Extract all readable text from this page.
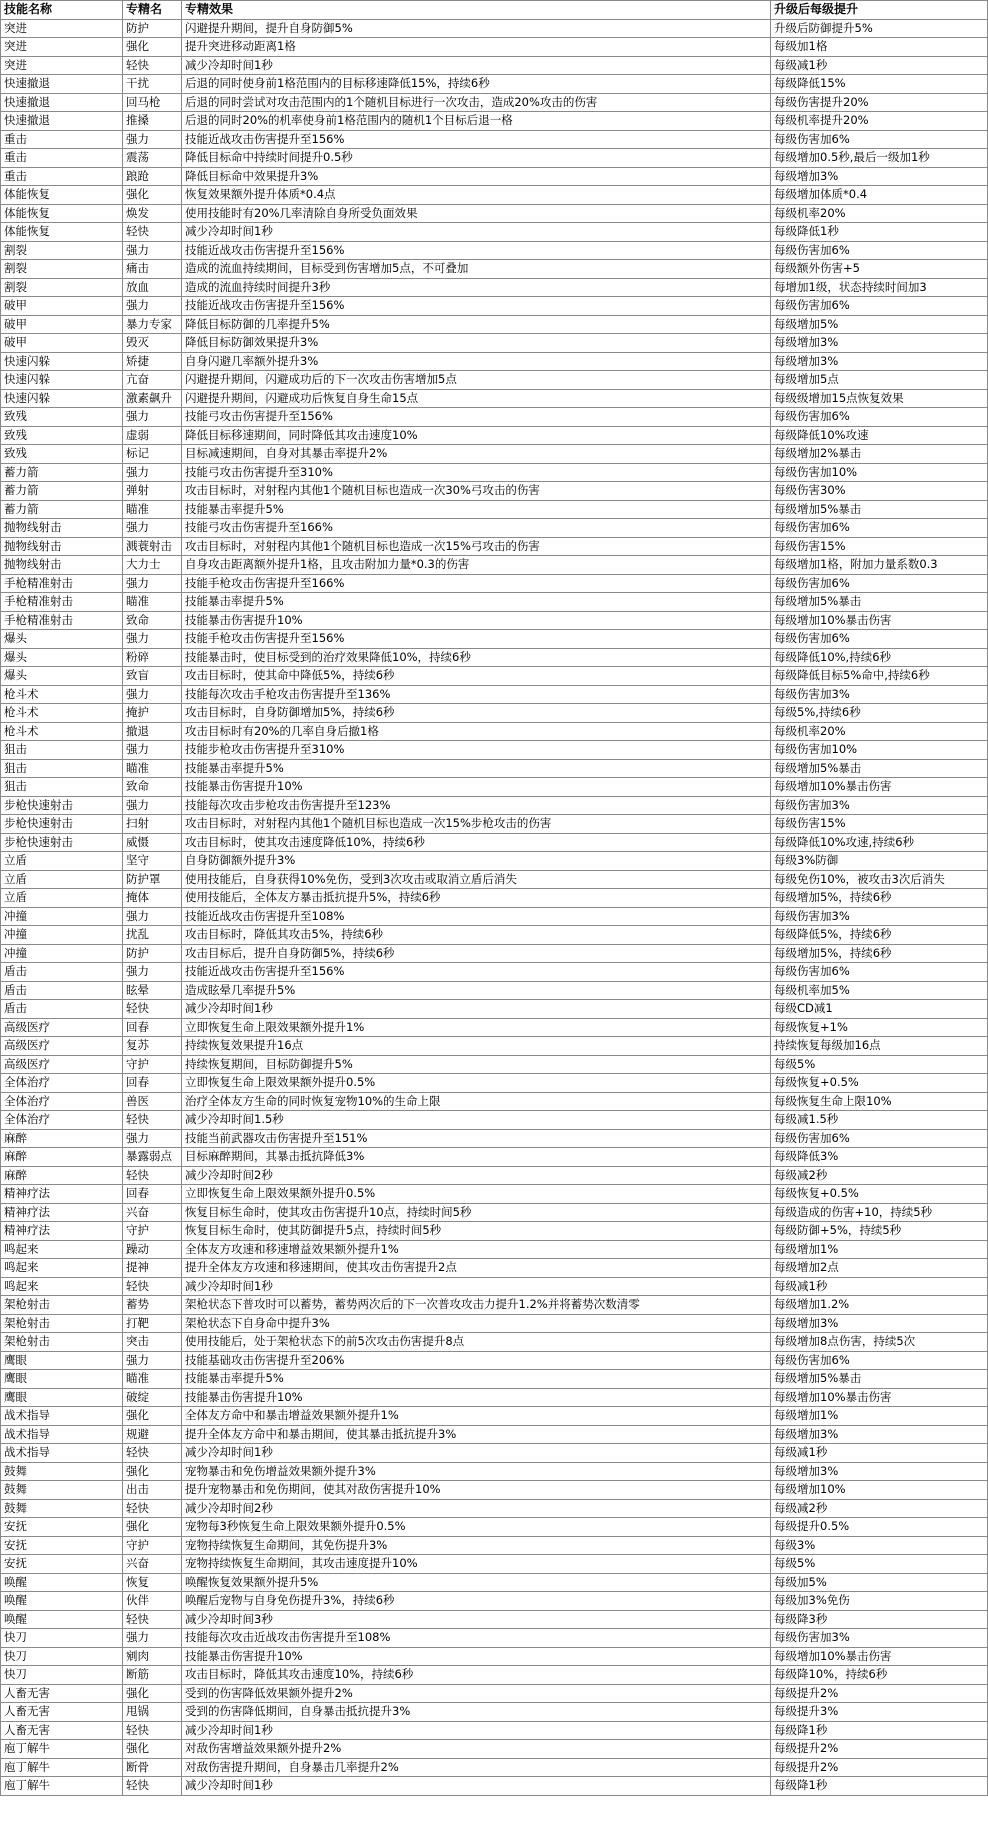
技能名称	专精名	专精效果	升级后每级提升
突进	防护	闪避提升期间，提升自身防御5%	升级后防御提升5%
突进	强化	提升突进移动距离1格	每级加1格
突进	轻快	减少冷却时间1秒	每级减1秒
快速撤退	干扰	后退的同时使身前1格范围内的目标移速降低15%，持续6秒	每级降低15%
快速撤退	回马枪	后退的同时尝试对攻击范围内的1个随机目标进行一次攻击，造成20%攻击的伤害	每级伤害提升20%
快速撤退	推搡	后退的同时20%的机率使身前1格范围内的随机1个目标后退一格	每级机率提升20%
重击	强力	技能近战攻击伤害提升至156%	每级伤害加6%
重击	震荡	降低目标命中持续时间提升0.5秒	每级增加0.5秒,最后一级加1秒
重击	踉跄	降低目标命中效果提升3%	每级增加3%
体能恢复	强化	恢复效果额外提升体质*0.4点	每级增加体质*0.4
体能恢复	焕发	使用技能时有20%几率清除自身所受负面效果	每级机率20%
体能恢复	轻快	减少冷却时间1秒	每级降低1秒
割裂	强力	技能近战攻击伤害提升至156%	每级伤害加6%
割裂	痛击	造成的流血持续期间，目标受到伤害增加5点，不可叠加	每级额外伤害+5
割裂	放血	造成的流血持续时间提升3秒	每增加1级，状态持续时间加3
破甲	强力	技能近战攻击伤害提升至156%	每级伤害加6%
破甲	暴力专家	降低目标防御的几率提升5%	每级增加5%
破甲	毁灭	降低目标防御效果提升3%	每级增加3%
快速闪躲	矫捷	自身闪避几率额外提升3%	每级增加3%
快速闪躲	亢奋	闪避提升期间，闪避成功后的下一次攻击伤害增加5点	每级增加5点
快速闪躲	激素飙升	闪避提升期间，闪避成功后恢复自身生命15点	每级级增加15点恢复效果
致残	强力	技能弓攻击伤害提升至156%	每级伤害加6%
致残	虚弱	降低目标移速期间，同时降低其攻击速度10%	每级降低10%攻速
致残	标记	目标减速期间，自身对其暴击率提升2%	每级增加2%暴击
蓄力箭	强力	技能弓攻击伤害提升至310%	每级伤害加10%
蓄力箭	弹射	攻击目标时，对射程内其他1个随机目标也造成一次30%弓攻击的伤害	每级伤害30%
蓄力箭	瞄准	技能暴击率提升5%	每级增加5%暴击
抛物线射击	强力	技能弓攻击伤害提升至166%	每级伤害加6%
抛物线射击	溅蓑射击	攻击目标时，对射程内其他1个随机目标也造成一次15%弓攻击的伤害	每级伤害15%
抛物线射击	大力士	自身攻击距离额外提升1格，且攻击附加力量*0.3的伤害	每级增加1格，附加力量系数0.3
手枪精准射击	强力	技能手枪攻击伤害提升至166%	每级伤害加6%
手枪精准射击	瞄准	技能暴击率提升5%	每级增加5%暴击
手枪精准射击	致命	技能暴击伤害提升10%	每级增加10%暴击伤害
爆头	强力	技能手枪攻击伤害提升至156%	每级伤害加6%
爆头	粉碎	技能暴击时，使目标受到的治疗效果降低10%，持续6秒	每级降低10%,持续6秒
爆头	致盲	攻击目标时，使其命中降低5%，持续6秒	每级降低目标5%命中,持续6秒
枪斗术	强力	技能每次攻击手枪攻击伤害提升至136%	每级伤害加3%
枪斗术	掩护	攻击目标时，自身防御增加5%，持续6秒	每级5%,持续6秒
枪斗术	撤退	攻击目标时有20%的几率自身后撤1格	每级机率20%
狙击	强力	技能步枪攻击伤害提升至310%	每级伤害加10%
狙击	瞄准	技能暴击率提升5%	每级增加5%暴击
狙击	致命	技能暴击伤害提升10%	每级增加10%暴击伤害
步枪快速射击	强力	技能每次攻击步枪攻击伤害提升至123%	每级伤害加3%
步枪快速射击	扫射	攻击目标时，对射程内其他1个随机目标也造成一次15%步枪攻击的伤害	每级伤害15%
步枪快速射击	威慑	攻击目标时，使其攻击速度降低10%，持续6秒	每级降低10%攻速,持续6秒
立盾	坚守	自身防御额外提升3%	每级3%防御
立盾	防护罩	使用技能后，自身获得10%免伤，受到3次攻击或取消立盾后消失	每级免伤10%，被攻击3次后消失
立盾	掩体	使用技能后，全体友方暴击抵抗提升5%，持续6秒	每级增加5%，持续6秒
冲撞	强力	技能近战攻击伤害提升至108%	每级伤害加3%
冲撞	扰乱	攻击目标时，降低其攻击5%，持续6秒	每级降低5%，持续6秒
冲撞	防护	攻击目标后，提升自身防御5%，持续6秒	每级增加5%，持续6秒
盾击	强力	技能近战攻击伤害提升至156%	每级伤害加6%
盾击	眩晕	造成眩晕几率提升5%	每级机率加5%
盾击	轻快	减少冷却时间1秒	每级CD减1
高级医疗	回春	立即恢复生命上限效果额外提升1%	每级恢复+1%
高级医疗	复苏	持续恢复效果提升16点	持续恢复每级加16点
高级医疗	守护	持续恢复期间，目标防御提升5%	每级5%
全体治疗	回春	立即恢复生命上限效果额外提升0.5%	每级恢复+0.5%
全体治疗	兽医	治疗全体友方生命的同时恢复宠物10%的生命上限	每级恢复生命上限10%
全体治疗	轻快	减少冷却时间1.5秒	每级减1.5秒
麻醉	强力	技能当前武器攻击伤害提升至151%	每级伤害加6%
麻醉	暴露弱点	目标麻醉期间，其暴击抵抗降低3%	每级降低3%
麻醉	轻快	减少冷却时间2秒	每级减2秒
精神疗法	回春	立即恢复生命上限效果额外提升0.5%	每级恢复+0.5%
精神疗法	兴奋	恢复目标生命时，使其攻击伤害提升10点，持续时间5秒	每级造成的伤害+10，持续5秒
精神疗法	守护	恢复目标生命时，使其防御提升5点，持续时间5秒	每级防御+5%，持续5秒
鸣起来	躁动	全体友方攻速和移速增益效果额外提升1%	每级增加1%
鸣起来	提神	提升全体友方攻速和移速期间，使其攻击伤害提升2点	每级增加2点
鸣起来	轻快	减少冷却时间1秒	每级减1秒
架枪射击	蓄势	架枪状态下普攻时可以蓄势，蓄势两次后的下一次普攻攻击力提升1.2%并将蓄势次数清零	每级增加1.2%
架枪射击	打靶	架枪状态下自身命中提升3%	每级增加3%
架枪射击	突击	使用技能后，处于架枪状态下的前5次攻击伤害提升8点	每级增加8点伤害，持续5次
鹰眼	强力	技能基础攻击伤害提升至206%	每级伤害加6%
鹰眼	瞄准	技能暴击率提升5%	每级增加5%暴击
鹰眼	破绽	技能暴击伤害提升10%	每级增加10%暴击伤害
战术指导	强化	全体友方命中和暴击增益效果额外提升1%	每级增加1%
战术指导	规避	提升全体友方命中和暴击期间，使其暴击抵抗提升3%	每级增加3%
战术指导	轻快	减少冷却时间1秒	每级减1秒
鼓舞	强化	宠物暴击和免伤增益效果额外提升3%	每级增加3%
鼓舞	出击	提升宠物暴击和免伤期间，使其对敌伤害提升10%	每级增加10%
鼓舞	轻快	减少冷却时间2秒	每级减2秒
安抚	强化	宠物每3秒恢复生命上限效果额外提升0.5%	每级提升0.5%
安抚	守护	宠物持续恢复生命期间，其免伤提升3%	每级3%
安抚	兴奋	宠物持续恢复生命期间，其攻击速度提升10%	每级5%
唤醒	恢复	唤醒恢复效果额外提升5%	每级加5%
唤醒	伙伴	唤醒后宠物与自身免伤提升3%，持续6秒	每级加3%免伤
唤醒	轻快	减少冷却时间3秒	每级降3秒
快刀	强力	技能每次攻击近战攻击伤害提升至108%	每级伤害加3%
快刀	剜肉	技能暴击伤害提升10%	每级增加10%暴击伤害
快刀	断筋	攻击目标时，降低其攻击速度10%，持续6秒	每级降10%，持续6秒
人畜无害	强化	受到的伤害降低效果额外提升2%	每级提升2%
人畜无害	甩锅	受到的伤害降低期间，自身暴击抵抗提升3%	每级提升3%
人畜无害	轻快	减少冷却时间1秒	每级降1秒
庖丁解牛	强化	对敌伤害增益效果额外提升2%	每级提升2%
庖丁解牛	断骨	对敌伤害提升期间，自身暴击几率提升2%	每级提升2%
庖丁解牛	轻快	减少冷却时间1秒	每级降1秒
